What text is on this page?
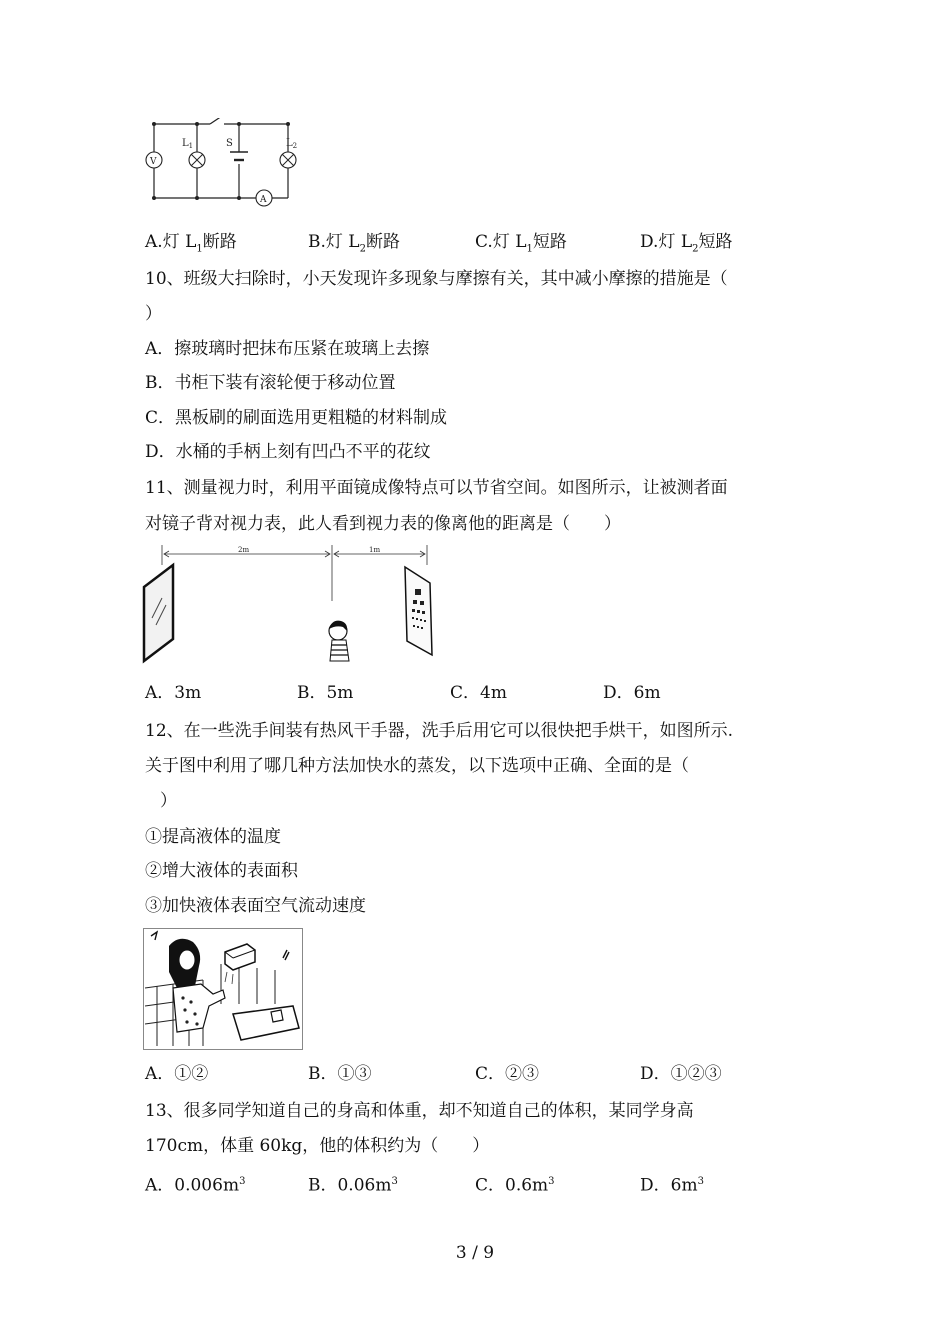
V
A
S
$L_1$	$L_2$
A.灯 $L_1$断路	B.灯 $L_2$断路	C.灯 $L_1$短路	D.灯 $L_2$短路
10、班级大扫除时，小天发现许多现象与摩擦有关，其中减小摩擦的措施是（
）
A．擦玻璃时把抹布压紧在玻璃上去擦
B．书柜下装有滚轮便于移动位置
C．黑板刷的刷面选用更粗糙的材料制成
D．水桶的手柄上刻有凹凸不平的花纹
11、测量视力时，利用平面镜成像特点可以节省空间。如图所示，让被测者面
对镜子背对视力表，此人看到视力表的像离他的距离是（　　）
2m	1m
A．3m	B．5m	C．4m	D．6m
12、在一些洗手间装有热风干手器，洗手后用它可以很快把手烘干，如图所示.
关于图中利用了哪几种方法加快水的蒸发，以下选项中正确、全面的是（
）
①提高液体的温度
②增大液体的表面积
③加快液体表面空气流动速度
A．①②	B．①③	C．②③	D．①②③
13、很多同学知道自己的身高和体重，却不知道自己的体积，某同学身高
170cm，体重 60kg，他的体积约为（　　）
A．$0.006m^3$	B．$0.06m^3$	C．$0.6m^3$	D．$6m^3$
3 / 9
